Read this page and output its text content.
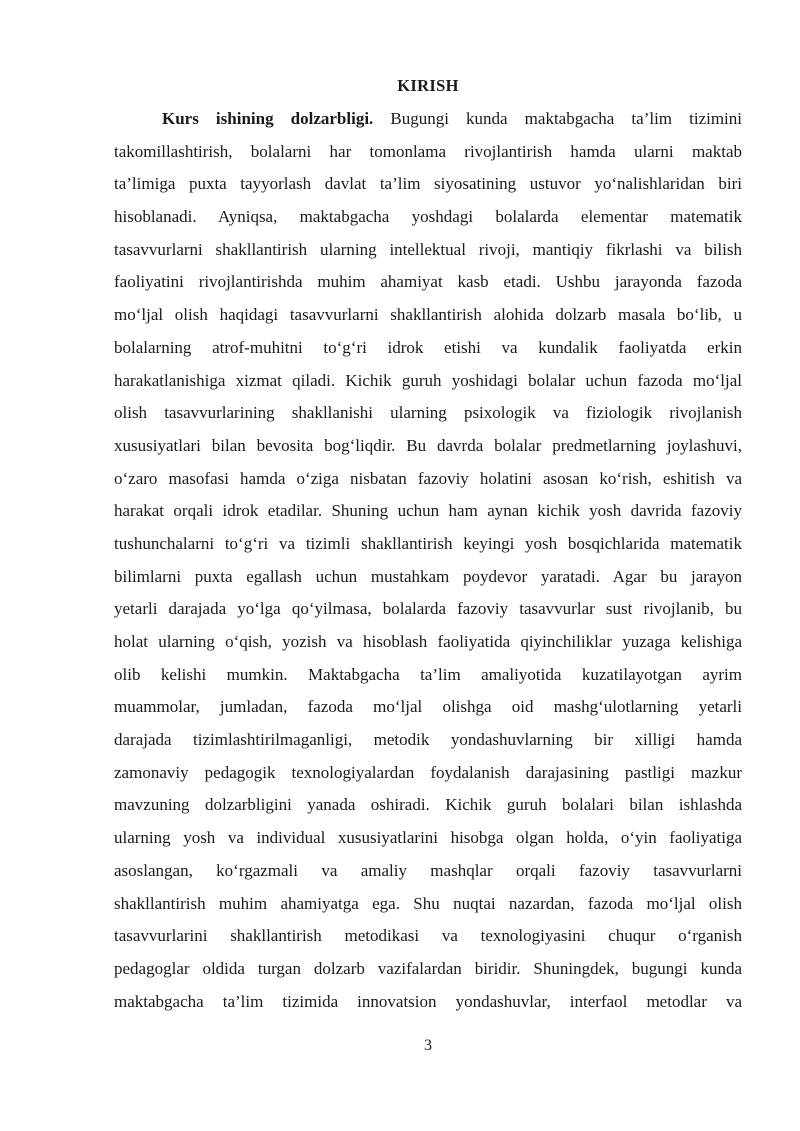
KIRISH
Kurs ishining dolzarbligi. Bugungi kunda maktabgacha ta’lim tizimini
takomillashtirish, bolalarni har tomonlama rivojlantirish hamda ularni maktab
ta’limiga puxta tayyorlash davlat ta’lim siyosatining ustuvor yo‘nalishlaridan biri
hisoblanadi. Ayniqsa, maktabgacha yoshdagi bolalarda elementar matematik
tasavvurlarni shakllantirish ularning intellektual rivoji, mantiqiy fikrlashi va bilish
faoliyatini rivojlantirishda muhim ahamiyat kasb etadi. Ushbu jarayonda fazoda
mo‘ljal olish haqidagi tasavvurlarni shakllantirish alohida dolzarb masala bo‘lib, u
bolalarning atrof-muhitni to‘g‘ri idrok etishi va kundalik faoliyatda erkin
harakatlanishiga xizmat qiladi. Kichik guruh yoshidagi bolalar uchun fazoda mo‘ljal
olish tasavvurlarining shakllanishi ularning psixologik va fiziologik rivojlanish
xususiyatlari bilan bevosita bog‘liqdir. Bu davrda bolalar predmetlarning joylashuvi,
o‘zaro masofasi hamda o‘ziga nisbatan fazoviy holatini asosan ko‘rish, eshitish va
harakat orqali idrok etadilar. Shuning uchun ham aynan kichik yosh davrida fazoviy
tushunchalarni to‘g‘ri va tizimli shakllantirish keyingi yosh bosqichlarida matematik
bilimlarni puxta egallash uchun mustahkam poydevor yaratadi. Agar bu jarayon
yetarli darajada yo‘lga qo‘yilmasa, bolalarda fazoviy tasavvurlar sust rivojlanib, bu
holat ularning o‘qish, yozish va hisoblash faoliyatida qiyinchiliklar yuzaga kelishiga
olib kelishi mumkin. Maktabgacha ta’lim amaliyotida kuzatilayotgan ayrim
muammolar, jumladan, fazoda mo‘ljal olishga oid mashg‘ulotlarning yetarli
darajada tizimlashtirilmaganligi, metodik yondashuvlarning bir xilligi hamda
zamonaviy pedagogik texnologiyalardan foydalanish darajasining pastligi mazkur
mavzuning dolzarbligini yanada oshiradi. Kichik guruh bolalari bilan ishlashda
ularning yosh va individual xususiyatlarini hisobga olgan holda, o‘yin faoliyatiga
asoslangan, ko‘rgazmali va amaliy mashqlar orqali fazoviy tasavvurlarni
shakllantirish muhim ahamiyatga ega. Shu nuqtai nazardan, fazoda mo‘ljal olish
tasavvurlarini shakllantirish metodikasi va texnologiyasini chuqur o‘rganish
pedagoglar oldida turgan dolzarb vazifalardan biridir. Shuningdek, bugungi kunda
maktabgacha ta’lim tizimida innovatsion yondashuvlar, interfaol metodlar va
3
